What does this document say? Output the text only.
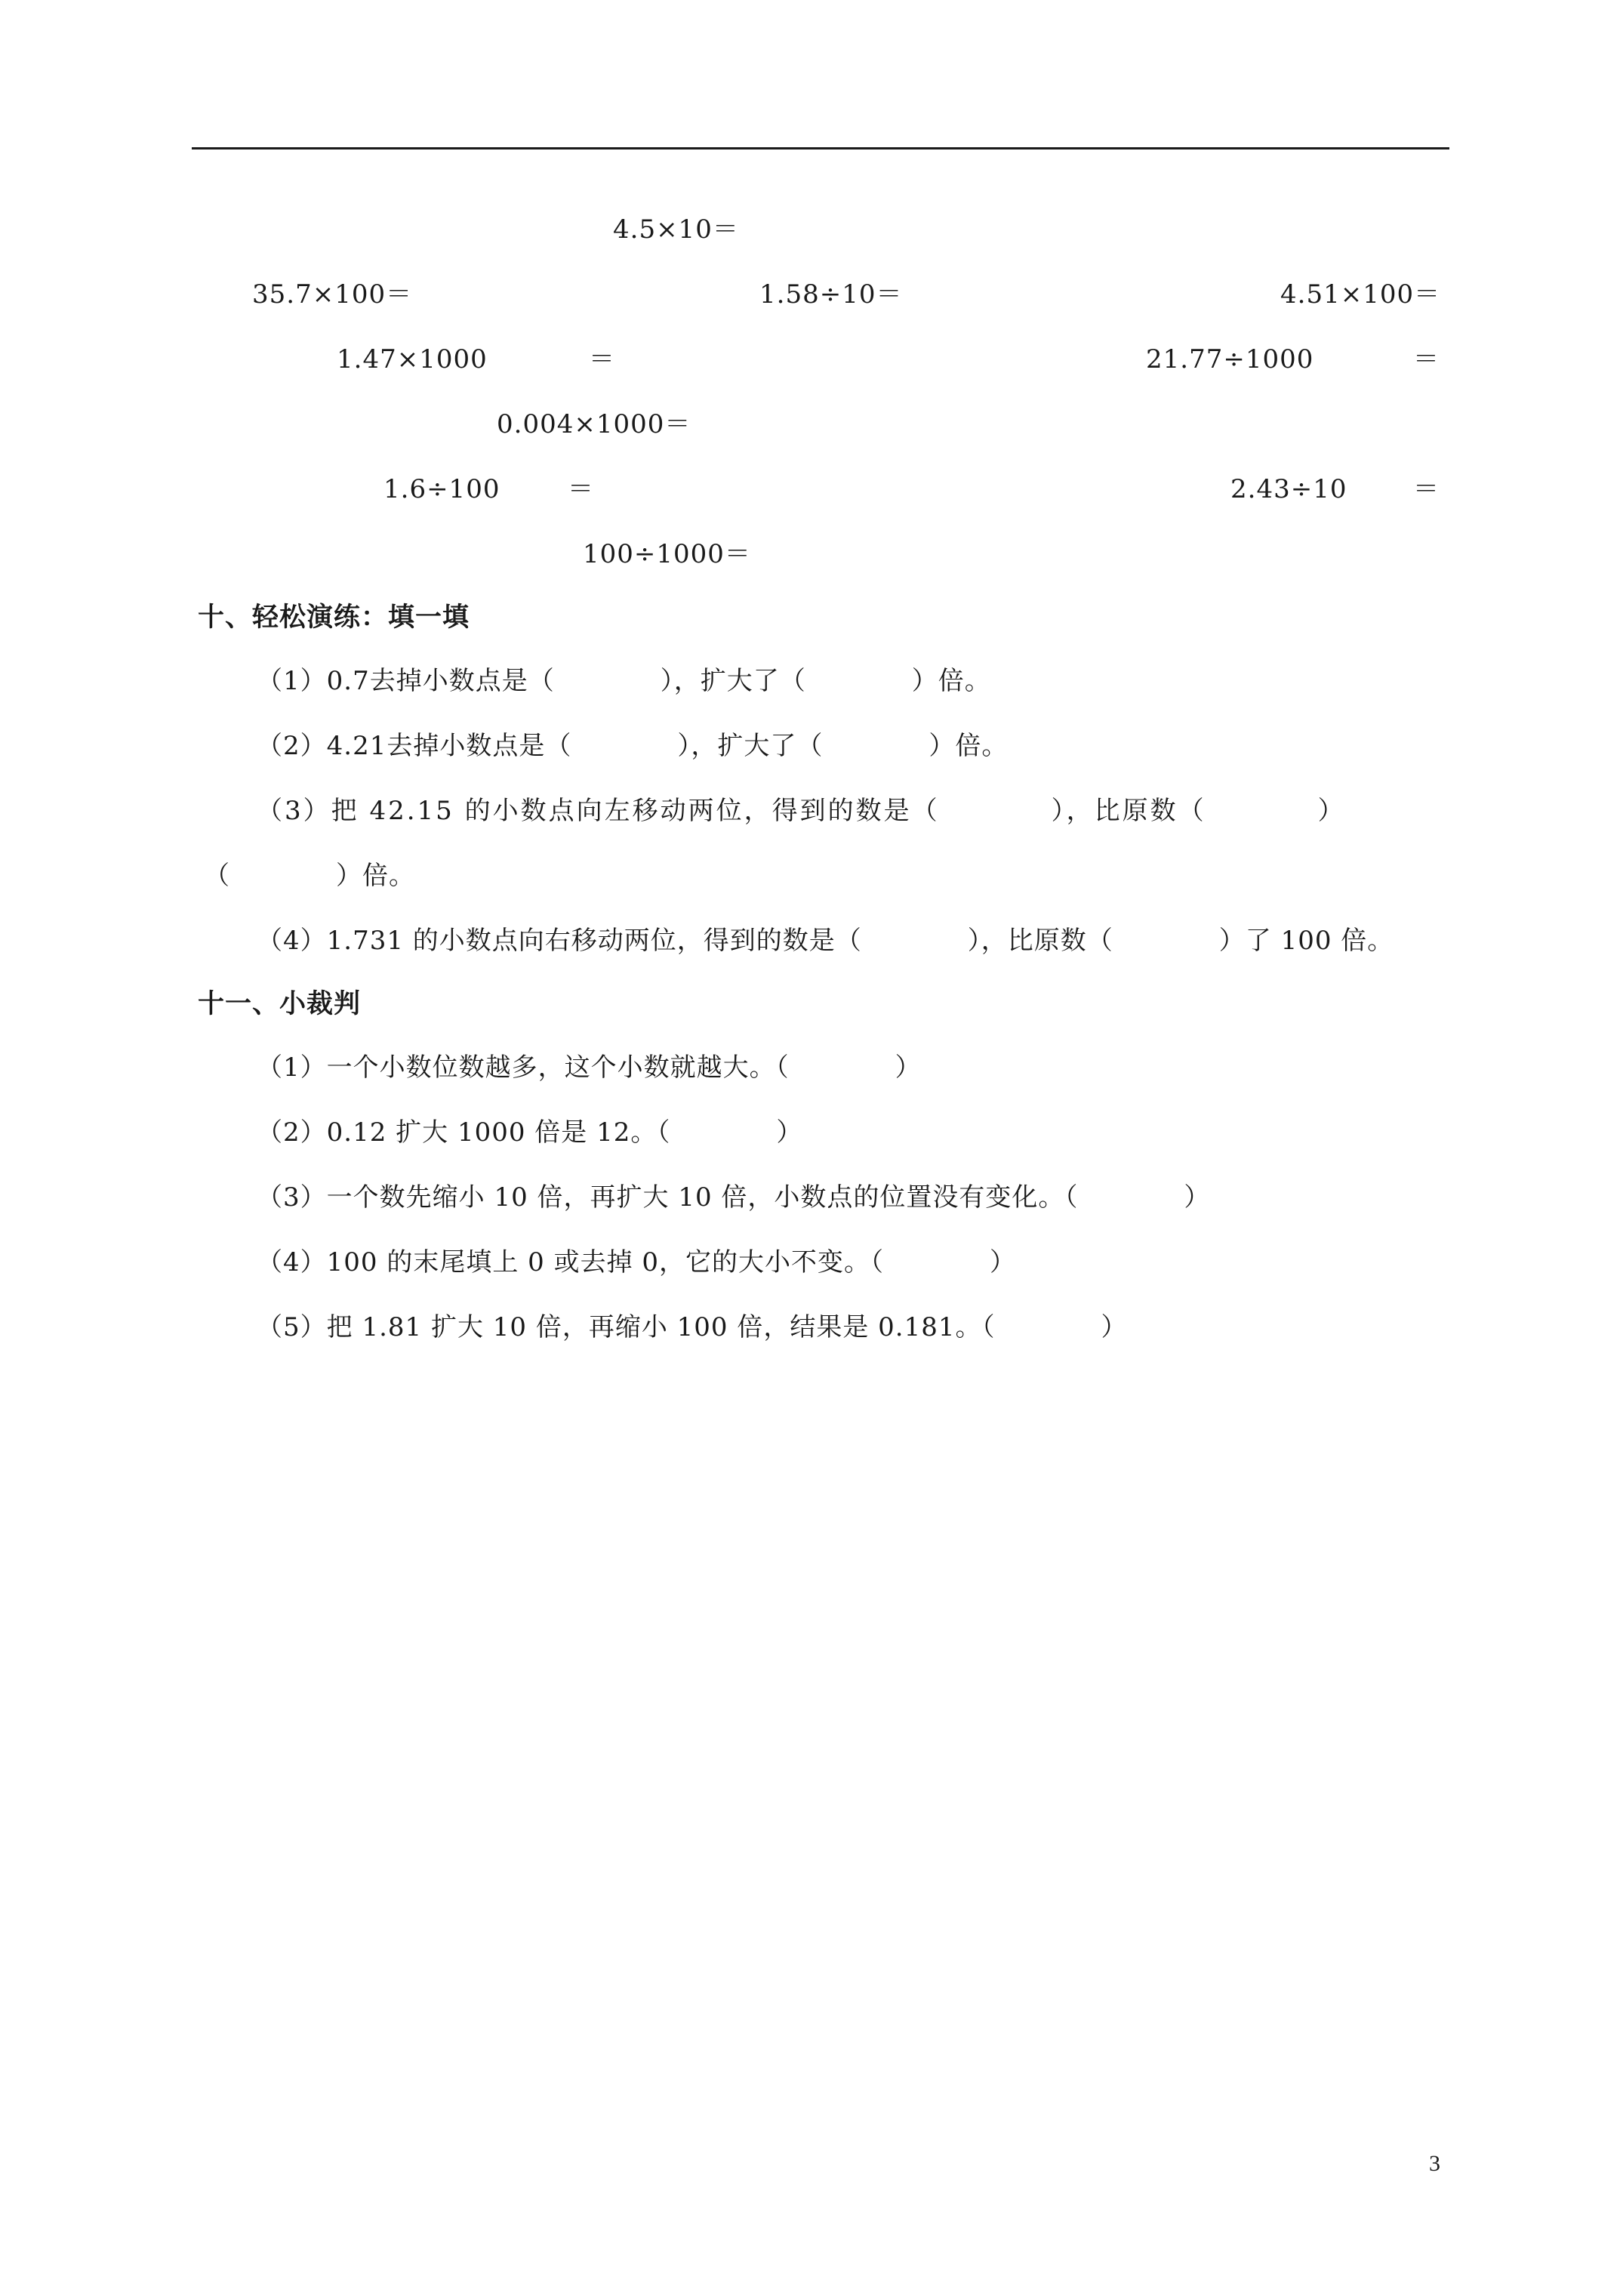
4.5×10＝
35.7×100＝	1.58÷10＝	4.51×100＝
1.47×1000	＝	21.77÷1000	＝
0.004×1000＝
1.6÷100	＝	2.43÷10	＝
100÷1000＝
十、轻松演练：填一填
（1）0.7去掉小数点是（　　　　），扩大了（　　　　）倍。
（2）4.21去掉小数点是（　　　　），扩大了（　　　　）倍。
（3）把 42.15 的小数点向左移动两位，得到的数是（　　　　），比原数（　　　　）
（　　　　）倍。
（4）1.731 的小数点向右移动两位，得到的数是（　　　　），比原数（　　　　）了 100 倍。
十一、小裁判
（1）一个小数位数越多，这个小数就越大。（　　　　）
（2）0.12 扩大 1000 倍是 12。（　　　　）
（3）一个数先缩小 10 倍，再扩大 10 倍，小数点的位置没有变化。（　　　　）
（4）100 的末尾填上 0 或去掉 0，它的大小不变。（　　　　）
（5）把 1.81 扩大 10 倍，再缩小 100 倍，结果是 0.181。（　　　　）
3
